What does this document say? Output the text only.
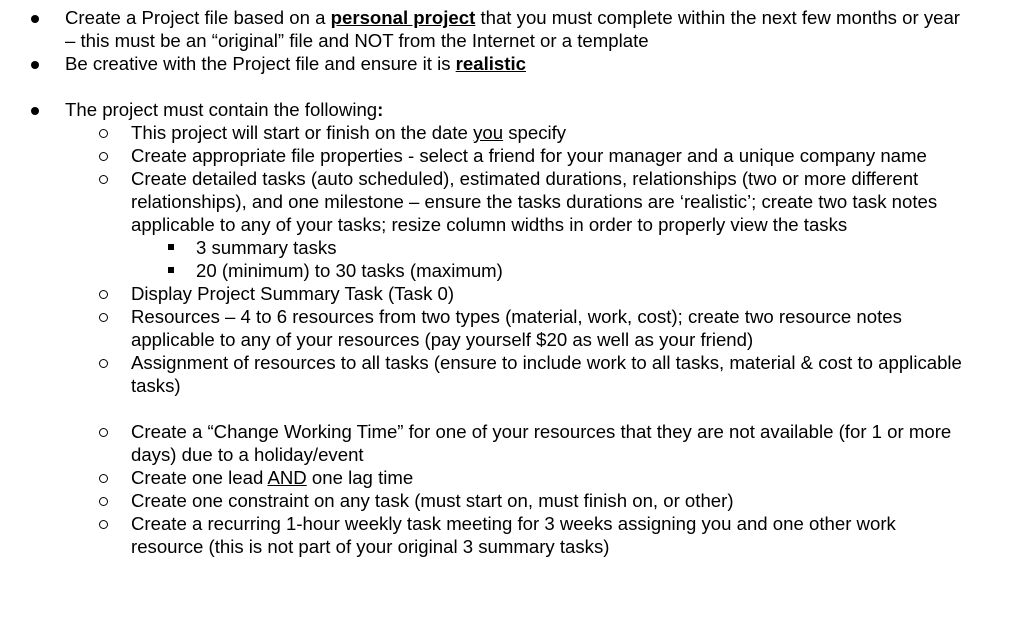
Create a Project file based on a personal project that you must complete within the next few months or year – this must be an “original” file and NOT from the Internet or a template
Be creative with the Project file and ensure it is realistic
The project must contain the following:
This project will start or finish on the date you specify
Create appropriate file properties - select a friend for your manager and a unique company name
Create detailed tasks (auto scheduled), estimated durations, relationships (two or more different relationships), and one milestone – ensure the tasks durations are ‘realistic’; create two task notes applicable to any of your tasks; resize column widths in order to properly view the tasks
3 summary tasks
20 (minimum) to 30 tasks (maximum)
Display Project Summary Task (Task 0)
Resources – 4 to 6 resources from two types (material, work, cost); create two resource notes applicable to any of your resources (pay yourself $20 as well as your friend)
Assignment of resources to all tasks (ensure to include work to all tasks, material & cost to applicable tasks)
Create a “Change Working Time” for one of your resources that they are not available (for 1 or more days) due to a holiday/event
Create one lead AND one lag time
Create one constraint on any task (must start on, must finish on, or other)
Create a recurring 1-hour weekly task meeting for 3 weeks assigning you and one other work resource (this is not part of your original 3 summary tasks)
